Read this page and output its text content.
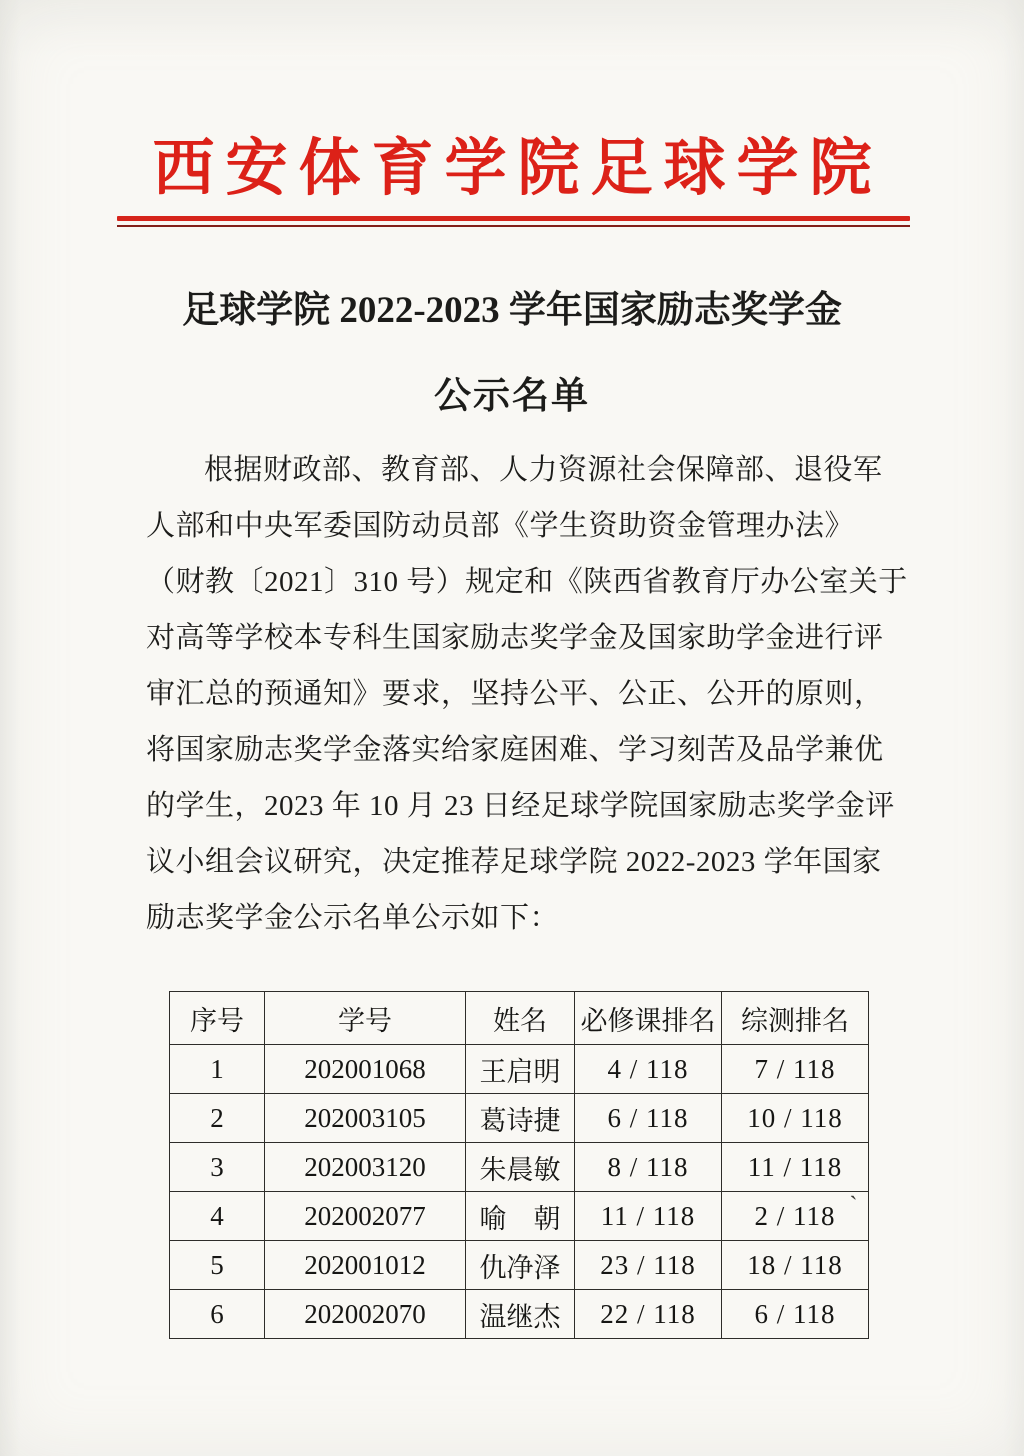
西安体育学院足球学院
足球学院 2022-2023 学年国家励志奖学金
公示名单
根据财政部、教育部、人力资源社会保障部、退役军
人部和中央军委国防动员部《学生资助资金管理办法》
（财教〔2021〕310 号）规定和《陕西省教育厅办公室关于
对高等学校本专科生国家励志奖学金及国家助学金进行评
审汇总的预通知》要求，坚持公平、公正、公开的原则，
将国家励志奖学金落实给家庭困难、学习刻苦及品学兼优
的学生，2023 年 10 月 23 日经足球学院国家励志奖学金评
议小组会议研究，决定推荐足球学院 2022-2023 学年国家
励志奖学金公示名单公示如下：
序号	学号	姓名	必修课排名	综测排名
1	202001068	王启明	4 / 118	7 / 118
2	202003105	葛诗捷	6 / 118	10 / 118
3	202003120	朱晨敏	8 / 118	11 / 118
4	202002077	喻　朝	11 / 118	2 / 118 ˋ

5	202001012	仇净泽	23 / 118	18 / 118
6	202002070	温继杰	22 / 118	6 / 118
